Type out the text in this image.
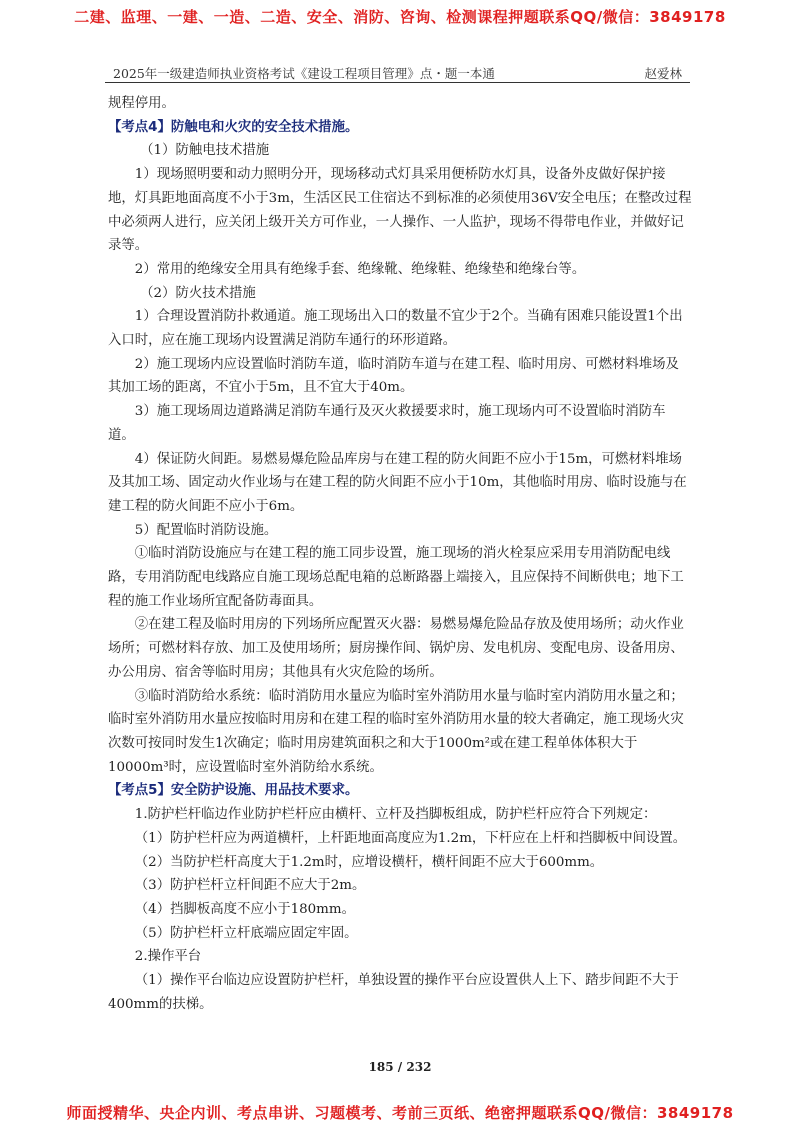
二建、监理、一建、一造、二造、安全、消防、咨询、检测课程押题联系QQ/微信：3849178
2025年一级建造师执业资格考试《建设工程项目管理》点・题一本通	赵爱林

规程停用。

【考点4】防触电和火灾的安全技术措施。

（1）防触电技术措施

1）现场照明要和动力照明分开，现场移动式灯具采用便桥防水灯具，设备外皮做好保护接地，灯具距地面高度不小于3m，生活区民工住宿达不到标准的必须使用36V安全电压；在整改过程中必须两人进行，应关闭上级开关方可作业，一人操作、一人监护，现场不得带电作业，并做好记录等。

2）常用的绝缘安全用具有绝缘手套、绝缘靴、绝缘鞋、绝缘垫和绝缘台等。

（2）防火技术措施

1）合理设置消防扑救通道。施工现场出入口的数量不宜少于2个。当确有困难只能设置1个出入口时，应在施工现场内设置满足消防车通行的环形道路。

2）施工现场内应设置临时消防车道，临时消防车道与在建工程、临时用房、可燃材料堆场及其加工场的距离，不宜小于5m，且不宜大于40m。

3）施工现场周边道路满足消防车通行及灭火救援要求时，施工现场内可不设置临时消防车道。

4）保证防火间距。易燃易爆危险品库房与在建工程的防火间距不应小于15m，可燃材料堆场及其加工场、固定动火作业场与在建工程的防火间距不应小于10m，其他临时用房、临时设施与在建工程的防火间距不应小于6m。

5）配置临时消防设施。

①临时消防设施应与在建工程的施工同步设置，施工现场的消火栓泵应采用专用消防配电线路，专用消防配电线路应自施工现场总配电箱的总断路器上端接入，且应保持不间断供电；地下工程的施工作业场所宜配备防毒面具。

②在建工程及临时用房的下列场所应配置灭火器：易燃易爆危险品存放及使用场所；动火作业场所；可燃材料存放、加工及使用场所；厨房操作间、锅炉房、发电机房、变配电房、设备用房、办公用房、宿舍等临时用房；其他具有火灾危险的场所。

③临时消防给水系统：临时消防用水量应为临时室外消防用水量与临时室内消防用水量之和；临时室外消防用水量应按临时用房和在建工程的临时室外消防用水量的较大者确定，施工现场火灾次数可按同时发生1次确定；临时用房建筑面积之和大于1000m²或在建工程单体体积大于10000m³时，应设置临时室外消防给水系统。

【考点5】安全防护设施、用品技术要求。

1.防护栏杆临边作业防护栏杆应由横杆、立杆及挡脚板组成，防护栏杆应符合下列规定：

（1）防护栏杆应为两道横杆，上杆距地面高度应为1.2m，下杆应在上杆和挡脚板中间设置。

（2）当防护栏杆高度大于1.2m时，应增设横杆，横杆间距不应大于600mm。

（3）防护栏杆立杆间距不应大于2m。

（4）挡脚板高度不应小于180mm。

（5）防护栏杆立杆底端应固定牢固。

2.操作平台

（1）操作平台临边应设置防护栏杆，单独设置的操作平台应设置供人上下、踏步间距不大于400mm的扶梯。

185 / 232
师面授精华、央企内训、考点串讲、习题模考、考前三页纸、绝密押题联系QQ/微信：3849178
